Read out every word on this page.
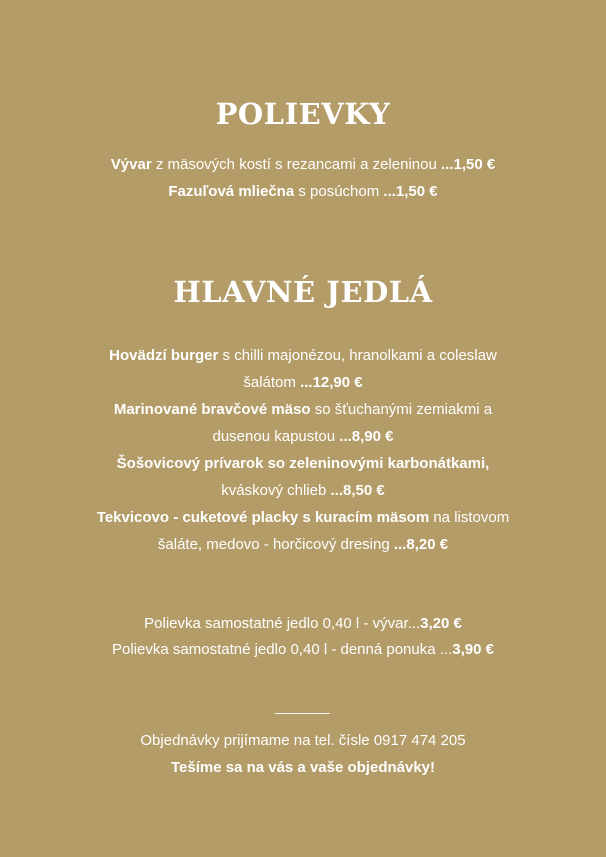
POLIEVKY

Vývar z mäsových kostí s rezancami a zeleninou ...1,50 €

Fazuľová mliečna s posúchom ...1,50 €

HLAVNÉ JEDLÁ

Hovädzí burger s chilli majonézou, hranolkami a coleslaw

šalátom ...12,90 €

Marinované bravčové mäso so šťuchanými zemiakmi a

dusenou kapustou ...8,90 €

Šošovicový prívarok so zeleninovými karbonátkami,

kváskový chlieb ...8,50 €

Tekvicovo - cuketové placky s kuracím mäsom na listovom

šaláte, medovo - horčicový dresing ...8,20 €

Polievka samostatné jedlo 0,40 l - vývar...3,20 €

Polievka samostatné jedlo 0,40 l - denná ponuka ...3,90 €

Objednávky prijímame na tel. čísle 0917 474 205

Tešíme sa na vás a vaše objednávky!
